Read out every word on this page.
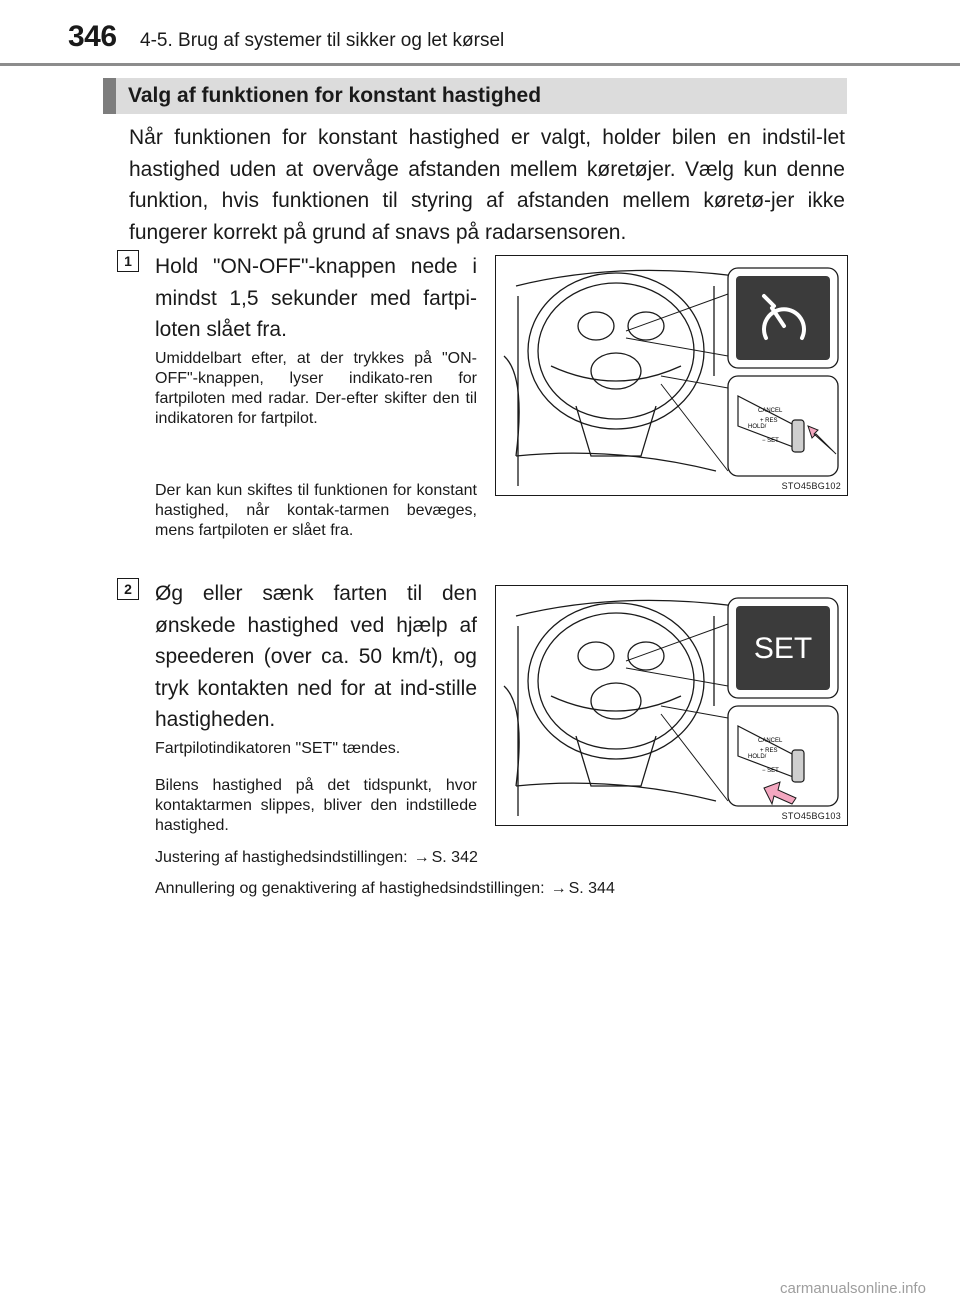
346 4-5. Brug af systemer til sikker og let kørsel
Valg af funktionen for konstant hastighed
Når funktionen for konstant hastighed er valgt, holder bilen en indstil-let hastighed uden at overvåge afstanden mellem køretøjer. Vælg kun denne funktion, hvis funktionen til styring af afstanden mellem køretø-jer ikke fungerer korrekt på grund af snavs på radarsensoren.
1	Hold "ON-OFF"-knappen nede i mindst 1,5 sekunder med fartpi-loten slået fra.
Umiddelbart efter, at der trykkes på "ON-OFF"-knappen, lyser indikato-ren for fartpiloten med radar. Der-efter skifter den til indikatoren for fartpilot.
Der kan kun skiftes til funktionen for konstant hastighed, når kontak-tarmen bevæges, mens fartpiloten er slået fra.
CANCEL
+ RES
HOLD/
− SET
STO45BG102
2	Øg eller sænk farten til den ønskede hastighed ved hjælp af speederen (over ca. 50 km/t), og tryk kontakten ned for at ind-stille hastigheden.
Fartpilotindikatoren "SET" tændes.
Bilens hastighed på det tidspunkt, hvor kontaktarmen slippes, bliver den indstillede hastighed.
SET
CANCEL
+ RES
HOLD/
− SET
STO45BG103
Justering af hastighedsindstillingen: → S. 342
Annullering og genaktivering af hastighedsindstillingen: → S. 344
carmanualsonline.info
